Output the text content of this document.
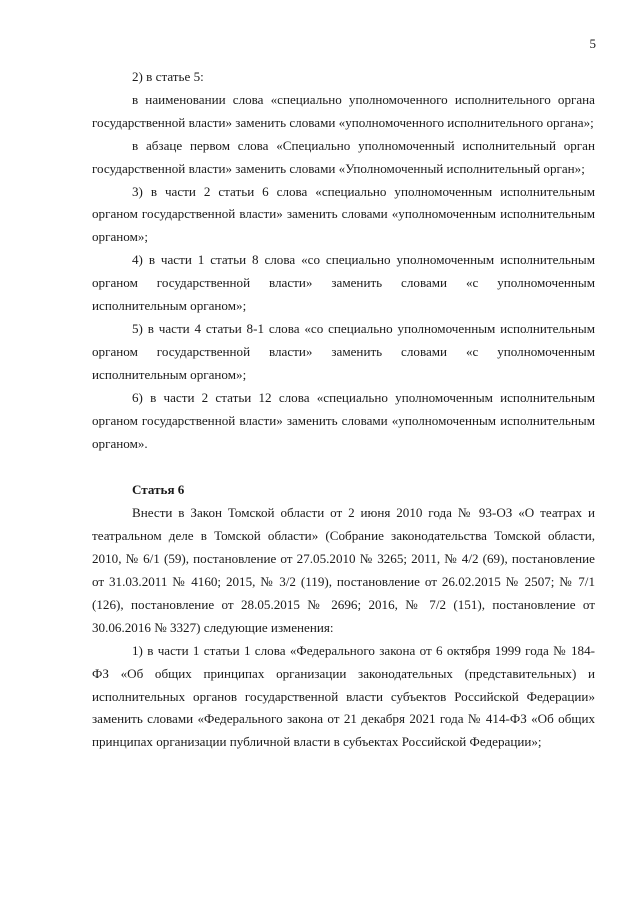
5

2) в статье 5:

в наименовании слова «специально уполномоченного исполнительного органа государственной власти» заменить словами «уполномоченного исполнительного органа»;

в абзаце первом слова «Специально уполномоченный исполнительный орган государственной власти» заменить словами «Уполномоченный исполнительный орган»;

3) в части 2 статьи 6 слова «специально уполномоченным исполнительным органом государственной власти» заменить словами «уполномоченным исполнительным органом»;

4) в части 1 статьи 8 слова «со специально уполномоченным исполнительным органом государственной власти» заменить словами «с уполномоченным исполнительным органом»;

5) в части 4 статьи 8-1 слова «со специально уполномоченным исполнительным органом государственной власти» заменить словами «с уполномоченным исполнительным органом»;

6) в части 2 статьи 12 слова «специально уполномоченным исполнительным органом государственной власти» заменить словами «уполномоченным исполнительным органом».

Статья 6

Внести в Закон Томской области от 2 июня 2010 года № 93-ОЗ «О театрах и театральном деле в Томской области» (Собрание законодательства Томской области, 2010, № 6/1 (59), постановление от 27.05.2010 № 3265; 2011, № 4/2 (69), постановление от 31.03.2011 № 4160; 2015, № 3/2 (119), постановление от 26.02.2015 № 2507; № 7/1 (126), постановление от 28.05.2015 № 2696; 2016, № 7/2 (151), постановление от 30.06.2016 № 3327) следующие изменения:

1) в части 1 статьи 1 слова «Федерального закона от 6 октября 1999 года № 184-ФЗ «Об общих принципах организации законодательных (представительных) и исполнительных органов государственной власти субъектов Российской Федерации» заменить словами «Федерального закона от 21 декабря 2021 года № 414-ФЗ «Об общих принципах организации публичной власти в субъектах Российской Федерации»;
